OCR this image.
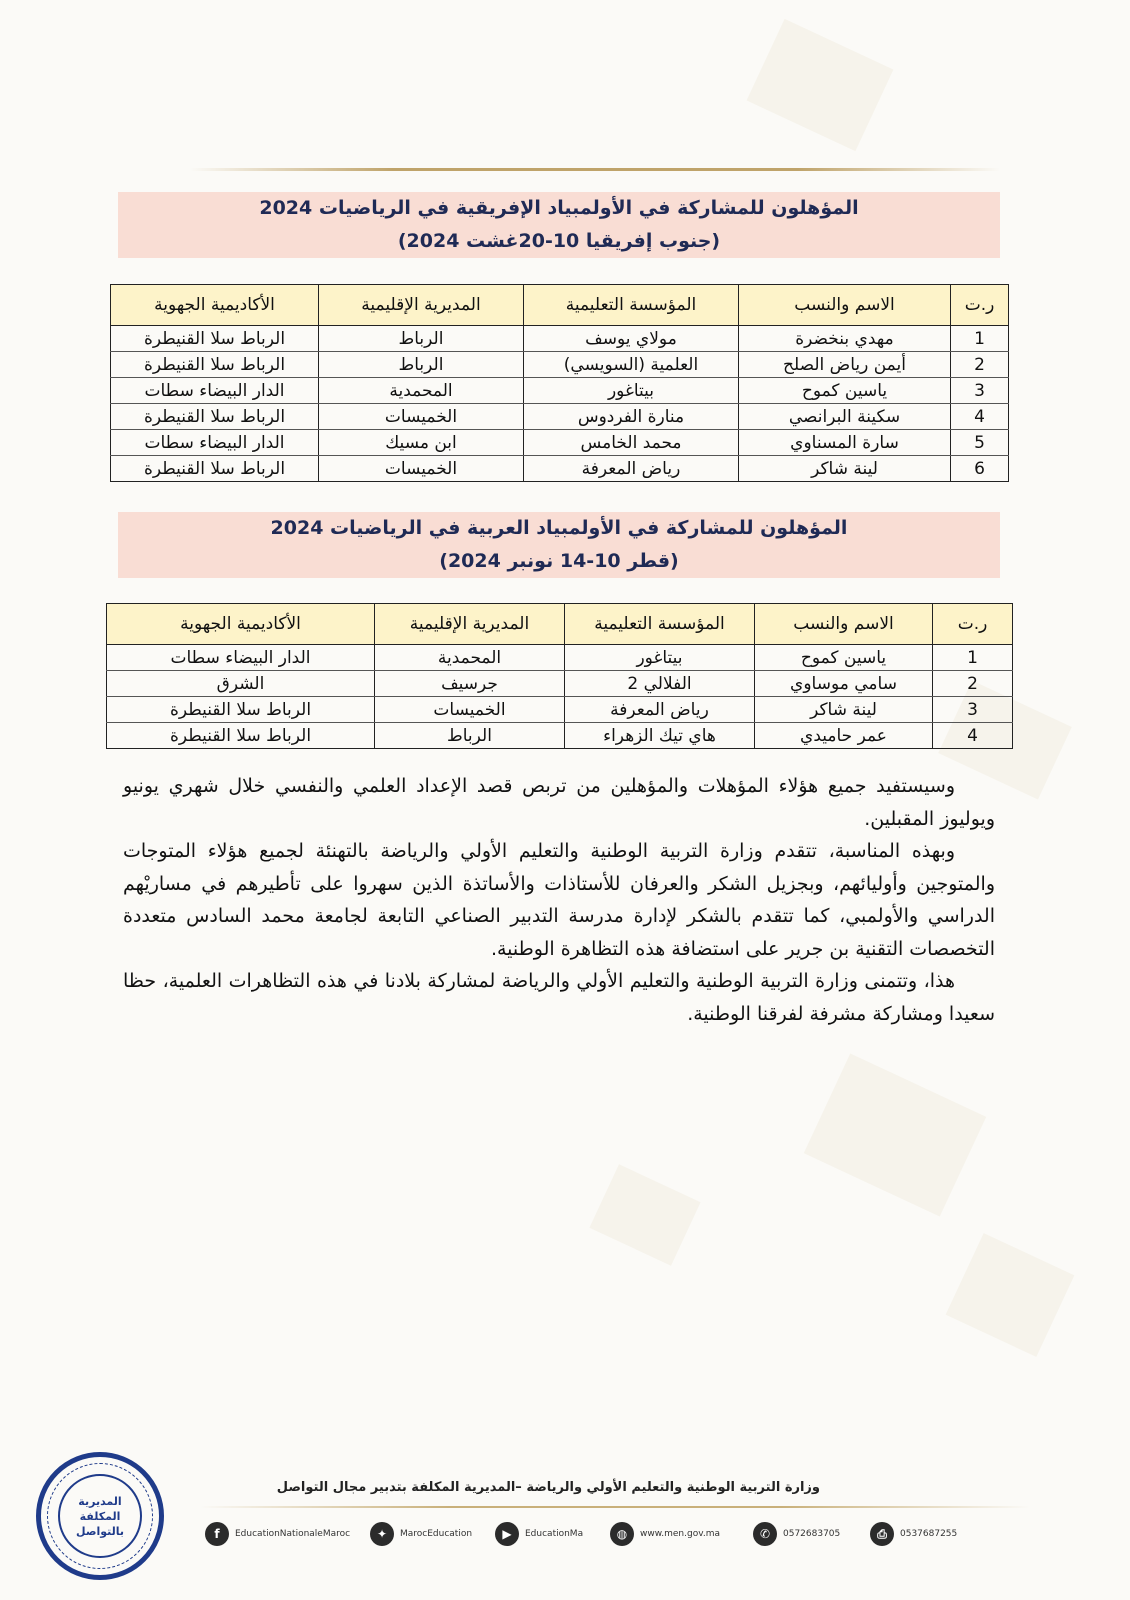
المؤهلون للمشاركة في الأولمبياد الإفريقية في الرياضيات 2024
(جنوب إفريقيا 10-20غشت 2024)
ر.ت	الاسم والنسب	المؤسسة التعليمية	المديرية الإقليمية	الأكاديمية الجهوية
1	مهدي بنخضرة	مولاي يوسف	الرباط	الرباط سلا القنيطرة
2	أيمن رياض الصلح	العلمية (السويسي)	الرباط	الرباط سلا القنيطرة
3	ياسين كموح	بيتاغور	المحمدية	الدار البيضاء سطات
4	سكينة البرانصي	منارة الفردوس	الخميسات	الرباط سلا القنيطرة
5	سارة المسناوي	محمد الخامس	ابن مسيك	الدار البيضاء سطات
6	لينة شاكر	رياض المعرفة	الخميسات	الرباط سلا القنيطرة
المؤهلون للمشاركة في الأولمبياد العربية في الرياضيات 2024
(قطر 10-14 نونبر 2024)
ر.ت	الاسم والنسب	المؤسسة التعليمية	المديرية الإقليمية	الأكاديمية الجهوية
1	ياسين كموح	بيتاغور	المحمدية	الدار البيضاء سطات
2	سامي موساوي	الفلالي 2	جرسيف	الشرق
3	لينة شاكر	رياض المعرفة	الخميسات	الرباط سلا القنيطرة
4	عمر حاميدي	هاي تيك الزهراء	الرباط	الرباط سلا القنيطرة

وسيستفيد جميع هؤلاء المؤهلات والمؤهلين من تربص قصد الإعداد العلمي والنفسي خلال شهري يونيو ويوليوز المقبلين.

وبهذه المناسبة، تتقدم وزارة التربية الوطنية والتعليم الأولي والرياضة بالتهنئة لجميع هؤلاء المتوجات والمتوجين وأوليائهم، وبجزيل الشكر والعرفان للأستاذات والأساتذة الذين سهروا على تأطيرهم في مساريْهم الدراسي والأولمبي، كما تتقدم بالشكر لإدارة مدرسة التدبير الصناعي التابعة لجامعة محمد السادس متعددة التخصصات التقنية بن جرير على استضافة هذه التظاهرة الوطنية.

هذا، وتتمنى وزارة التربية الوطنية والتعليم الأولي والرياضة لمشاركة بلادنا في هذه التظاهرات العلمية، حظا سعيدا ومشاركة مشرفة لفرقنا الوطنية.

وزارة التربية الوطنية والتعليم الأولي والرياضة –المديرية المكلفة بتدبير مجال التواصل
f	EducationNationaleMaroc	✦	MarocEducation	▶	EducationMa	◍	www.men.gov.ma	✆	0572683705	⎙	0537687255
المديرية
المكلفة
بالتواصل
